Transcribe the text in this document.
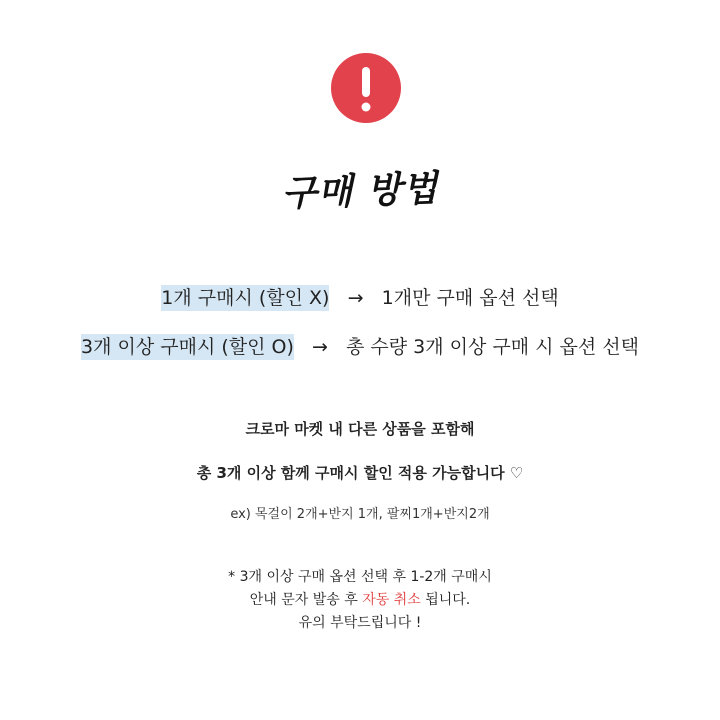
구매 방법
1개 구매시 (할인 X) → 1개만 구매 옵션 선택
3개 이상 구매시 (할인 O) → 총 수량 3개 이상 구매 시 옵션 선택
크로마 마켓 내 다른 상품을 포함해
총 3개 이상 함께 구매시 할인 적용 가능합니다 ♡
ex) 목걸이 2개+반지 1개, 팔찌1개+반지2개
* 3개 이상 구매 옵션 선택 후 1-2개 구매시
안내 문자 발송 후 자동 취소 됩니다.
유의 부탁드립니다 !
